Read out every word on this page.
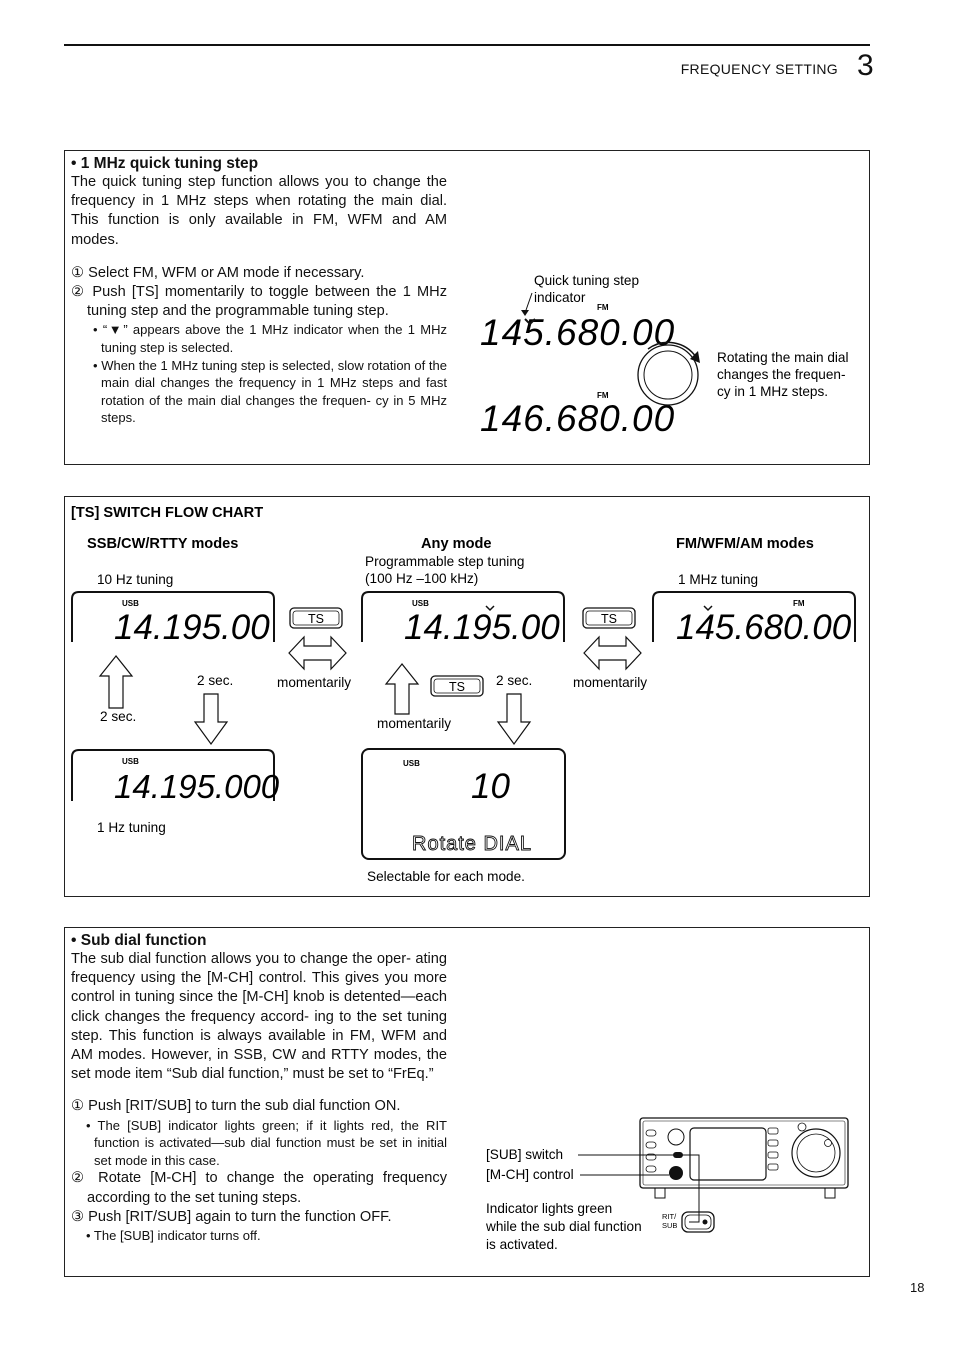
FREQUENCY SETTING 3
• 1 MHz quick tuning step
The quick tuning step function allows you to change the frequency in 1 MHz steps when rotating the main dial. This function is only available in FM, WFM and AM modes.
① Select FM, WFM or AM mode if necessary.
② Push [TS] momentarily to toggle between the 1 MHz tuning step and the programmable tuning step.
• “▼” appears above the 1 MHz indicator when the 1 MHz tuning step is selected.
• When the 1 MHz tuning step is selected, slow rotation of the main dial changes the frequency in 1 MHz steps and fast rotation of the main dial changes the frequen- cy in 5 MHz steps.
Quick tuning step
indicator
FM
145.680.00
FM
146.680.00
Rotating the main dial
changes the frequen-
cy in 1 MHz steps.
[TS] SWITCH FLOW CHART
SSB/CW/RTTY modes	Any mode	FM/WFM/AM modes
Programmable step tuning
(100 Hz –100 kHz)
10 Hz tuning	1 MHz tuning
USB
14.195.00
USB
14.195.00
FM
145.680.00
TS	TS
TS
momentarily	momentarily
momentarily
2 sec.
2 sec.
2 sec.
USB
14.195.000
1 Hz tuning
USB
10
Rotate DIAL
Selectable for each mode.
• Sub dial function
The sub dial function allows you to change the oper- ating frequency using the [M-CH] control. This gives you more control in tuning since the [M-CH] knob is detented—each click changes the frequency accord- ing to the set tuning step. This function is always available in FM, WFM and AM modes. However, in SSB, CW and RTTY modes, the set mode item “Sub dial function,” must be set to “FrEq.”
① Push [RIT/SUB] to turn the sub dial function ON.
• The [SUB] indicator lights green; if it lights red, the RIT function is activated—sub dial function must be set in initial set mode in this case.
② Rotate [M-CH] to change the operating frequency according to the set tuning steps.
③ Push [RIT/SUB] again to turn the function OFF.
• The [SUB] indicator turns off.
[SUB] switch
[M-CH] control
Indicator lights green
while the sub dial function
is activated.
RIT/
SUB
18
